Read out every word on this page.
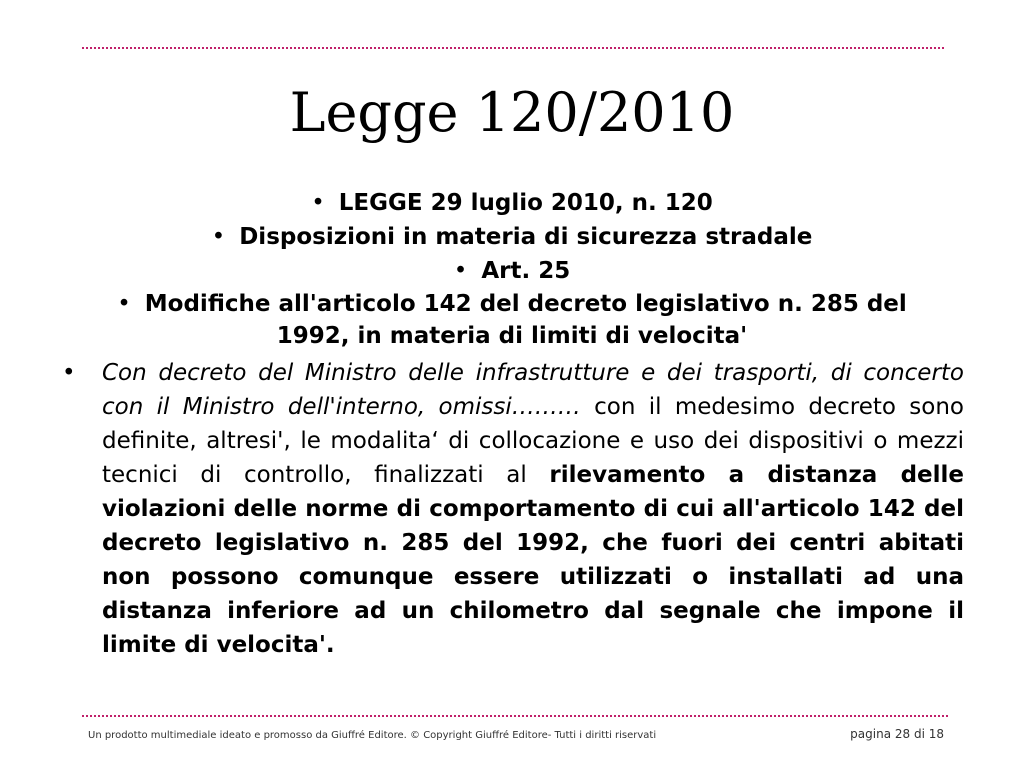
Legge 120/2010
• LEGGE 29 luglio 2010, n. 120
• Disposizioni in materia di sicurezza stradale
• Art. 25
• Modifiche all'articolo 142 del decreto legislativo n. 285 del 1992, in materia di limiti di velocita'
•	Con decreto del Ministro delle infrastrutture e dei trasporti, di concerto con il Ministro dell'interno, omissi……… con il medesimo decreto sono definite, altresi', le modalita‘ di collocazione e uso dei dispositivi o mezzi tecnici di controllo, finalizzati al rilevamento a distanza delle violazioni delle norme di comportamento di cui all'articolo 142 del decreto legislativo n. 285 del 1992, che fuori dei centri abitati non possono comunque essere utilizzati o installati ad una distanza inferiore ad un chilometro dal segnale che impone il limite di velocita'.
Un prodotto multimediale ideato e promosso da Giuffré Editore. © Copyright Giuffré Editore- Tutti i diritti riservati	pagina 28 di 18
